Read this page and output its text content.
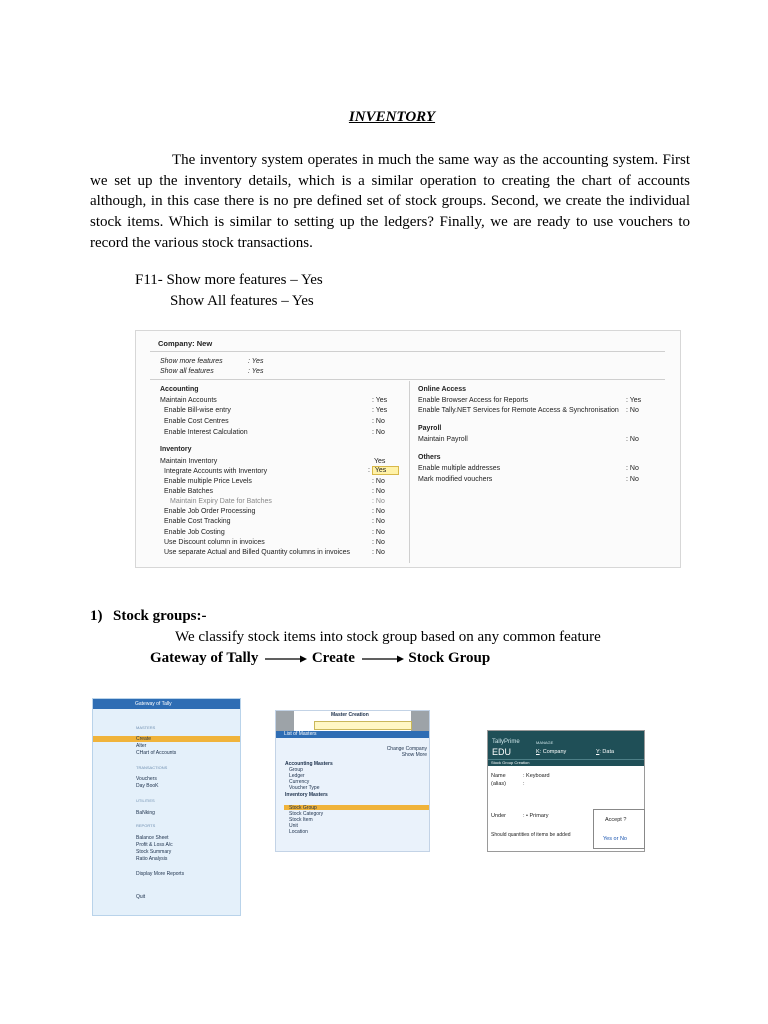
INVENTORY
The inventory system operates in much the same way as the accounting system. First we set up the inventory details, which is a similar operation to creating the chart of accounts although, in this case there is no pre defined set of stock groups. Second, we create the individual stock items. Which is similar to setting up the ledgers? Finally, we are ready to use vouchers to record the various stock transactions.
F11- Show more features – Yes
Show All features – Yes
Company: New
Show more features	: Yes
Show all features	: Yes
Accounting
Maintain Accounts	: Yes
Enable Bill-wise entry	: Yes
Enable Cost Centres	: No
Enable Interest Calculation	: No
Inventory
Maintain Inventory	Yes
Integrate Accounts with Inventory	: Yes
Enable multiple Price Levels	: No
Enable Batches	: No
Maintain Expiry Date for Batches	: No
Enable Job Order Processing	: No
Enable Cost Tracking	: No
Enable Job Costing	: No
Use Discount column in invoices	: No
Use separate Actual and Billed Quantity columns in invoices	: No
Online Access
Enable Browser Access for Reports	: Yes
Enable Tally.NET Services for Remote Access & Synchronisation : No
Payroll
Maintain Payroll	: No
Others
Enable multiple addresses	: No
Mark modified vouchers	: No
1) Stock groups:-
We classify stock items into stock group based on any common feature
Gateway of Tally	Create	Stock Group
Gateway of Tally
MASTERS
Create
Alter
CHart of Accounts
TRANSACTIONS
Vouchers
Day BooK
UTILITIES
BaNking
REPORTS
Balance Sheet
Profit & Loss A/c
Stock Summary
Ratio Analysis
Display More Reports
Quit
Master Creation
List of Masters
Change Company
Show More
Accounting Masters
Group
Ledger
Currency
Voucher Type
Inventory Masters
Stock Group
Stock Category
Stock Item
Unit
Location
TallyPrime
EDU
MANAGE
K: Company	Y: Data
Stock Group Creation
Name	: Keyboard
(alias)	:
Under	: • Primary
Should quantities of items be added
Accept ?
Yes or No
